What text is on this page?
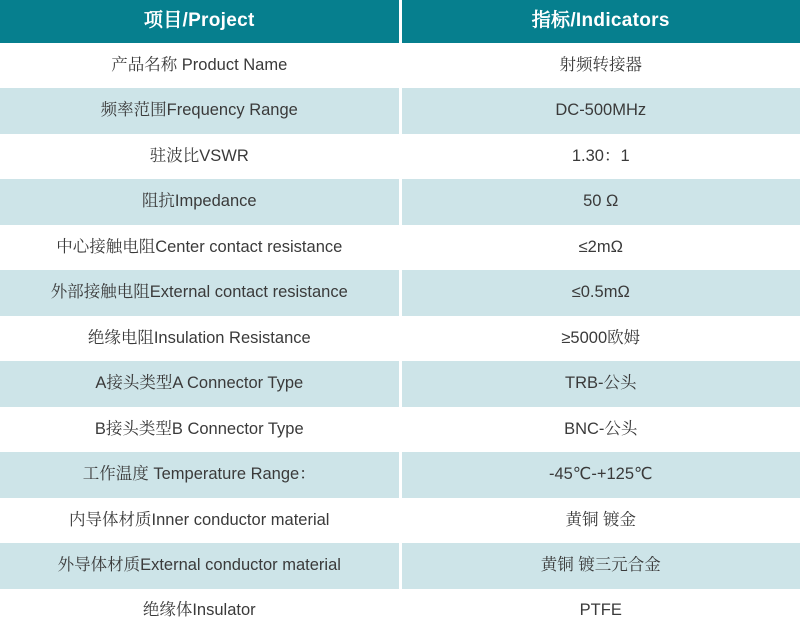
项目/Project	指标/Indicators
产品名称 Product Name	射频转接器
频率范围Frequency Range	DC-500MHz
驻波比VSWR	1.30：1
阻抗Impedance	50 Ω
中心接触电阻Center contact resistance	≤2mΩ
外部接触电阻External contact resistance	≤0.5mΩ
绝缘电阻Insulation Resistance	≥5000欧姆
A接头类型A Connector Type	TRB-公头
B接头类型B Connector Type	BNC-公头
工作温度 Temperature Range：	-45℃-+125℃
内导体材质Inner conductor material	黄铜 镀金
外导体材质External conductor material	黄铜 镀三元合金
绝缘体Insulator	PTFE
